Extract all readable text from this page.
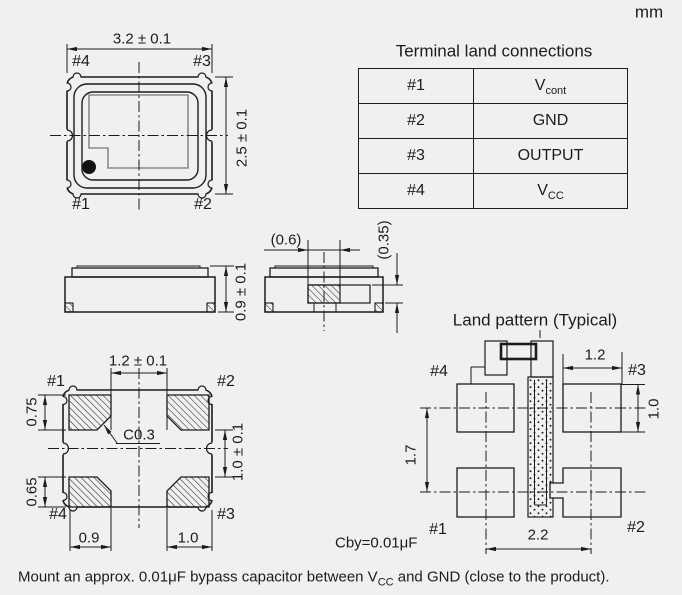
mm
3.2 ± 0.1
2.5 ± 0.1
#4	#3
#1	#2
0.9 ± 0.1
(0.6)	(0.35)
1.2 ± 0.1
#1	#2
#4	#3
0.75
0.65
C0.3
0.9	1.0
1.0 ± 0.1
Land pattern (Typical)
#4	#3
#1	#2
1.2
1.0
1.7
2.2
Cby=0.01μF
Terminal land connections
#1	$V_{cont}$
#2	GND
#3	OUTPUT
#4	$V_{CC}$
Mount an approx. 0.01μF bypass capacitor between $V_{CC}$ and GND (close to the product).
